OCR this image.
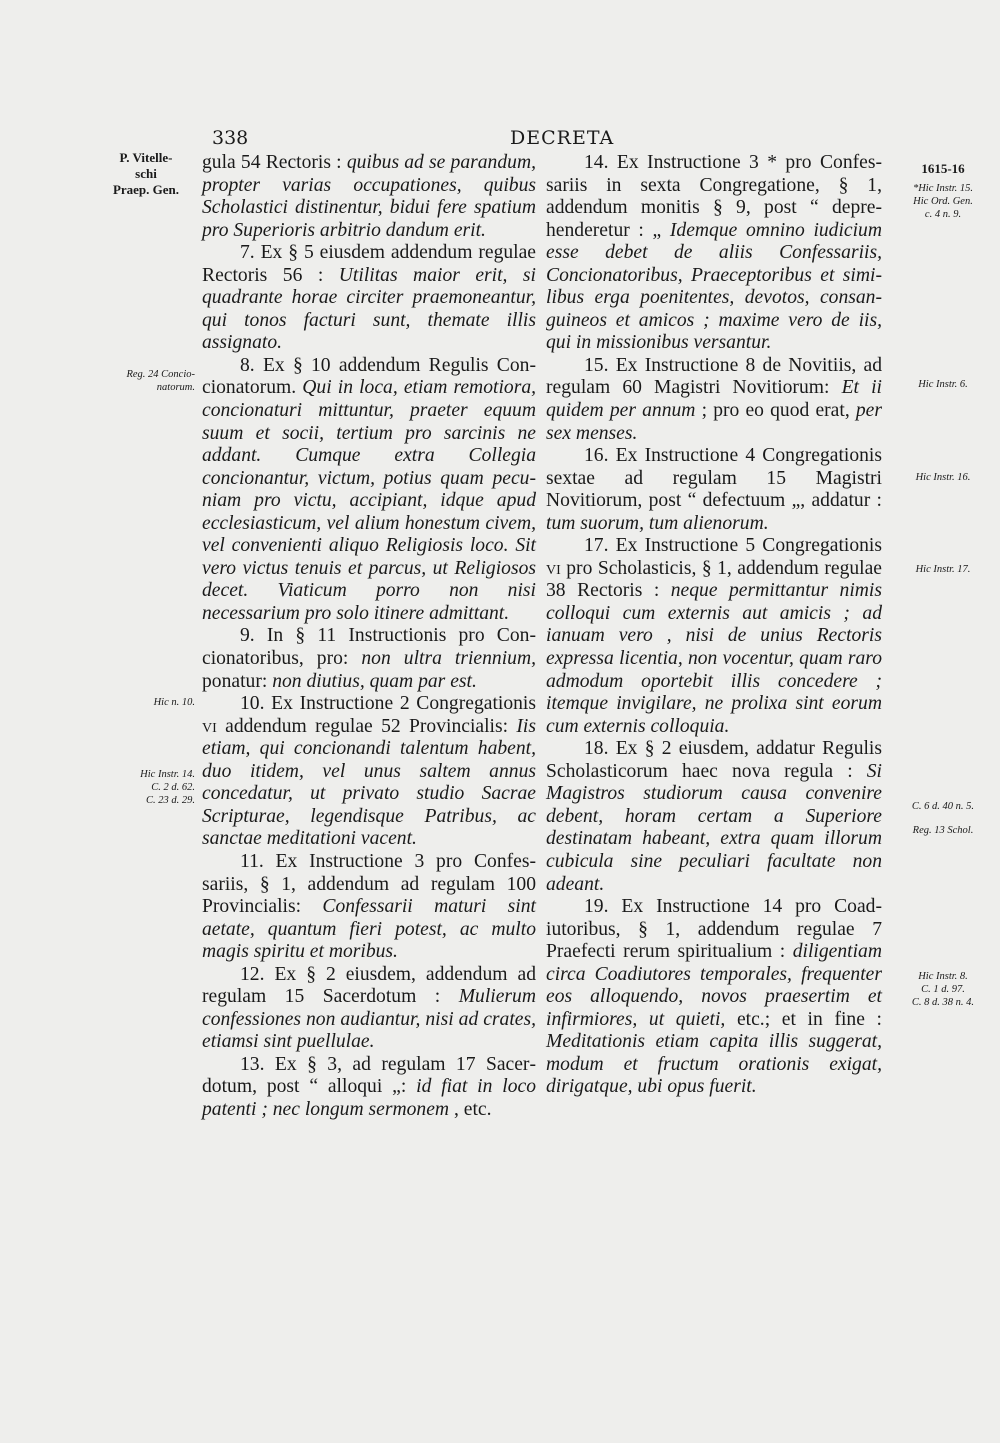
338	DECRETA
P. Vitelle-
schi
Praep. Gen.
Reg. 24 Concio-
natorum.
Hic n. 10.
Hic Instr. 14.
C. 2 d. 62.
C. 23 d. 29.
1615-16
*Hic Instr. 15.
Hic Ord. Gen.
c. 4 n. 9.
Hic Instr. 6.
Hic Instr. 16.
Hic Instr. 17.
C. 6 d. 40 n. 5.
Reg. 13 Schol.
Hic Instr. 8.
C. 1 d. 97.
C. 8 d. 38 n. 4.

gula 54 Rectoris : quibus ad se parandum, propter varias occupationes, quibus Scholastici distinentur, bidui fere spatium pro Superioris arbitrio dandum erit.

7. Ex § 5 eiusdem addendum regulae Rectoris 56 : Utilitas maior erit, si quadrante horae circiter praemoneantur, qui tonos facturi sunt, themate illis assignato.

8. Ex § 10 addendum Regulis Concionatorum. Qui in loca, etiam remotiora, concionaturi mittuntur, praeter equum suum et socii, tertium pro sarcinis ne addant. Cumque extra Collegia concionantur, victum, potius quam pecuniam pro victu, accipiant, idque apud ecclesiasticum, vel alium honestum civem, vel convenienti aliquo Religiosis loco. Sit vero victus tenuis et parcus, ut Religiosos decet. Viaticum porro non nisi necessarium pro solo itinere admittant.

9. In § 11 Instructionis pro Concionatoribus, pro: non ultra triennium, ponatur: non diutius, quam par est.

10. Ex Instructione 2 Congregationis vi addendum regulae 52 Provincialis: Iis etiam, qui concionandi talentum habent, duo itidem, vel unus saltem annus concedatur, ut privato studio Sacrae Scripturae, legendisque Patribus, ac sanctae meditationi vacent.

11. Ex Instructione 3 pro Confessariis, § 1, addendum ad regulam 100 Provincialis: Confessarii maturi sint aetate, quantum fieri potest, ac multo magis spiritu et moribus.

12. Ex § 2 eiusdem, addendum ad regulam 15 Sacerdotum : Mulierum confessiones non audiantur, nisi ad crates, etiamsi sint puellulae.

13. Ex § 3, ad regulam 17 Sacerdotum, post “ alloqui „: id fiat in loco patenti ; nec longum sermonem , etc.

14. Ex Instructione 3 * pro Confessariis in sexta Congregatione, § 1, addendum monitis § 9, post “ deprehenderetur : „ Idemque omnino iudicium esse debet de aliis Confessariis, Concionatoribus, Praeceptoribus et similibus erga poenitentes, devotos, consanguineos et amicos ; maxime vero de iis, qui in missionibus versantur.

15. Ex Instructione 8 de Novitiis, ad regulam 60 Magistri Novitiorum: Et ii quidem per annum ; pro eo quod erat, per sex menses.

16. Ex Instructione 4 Congregationis sextae ad regulam 15 Magistri Novitiorum, post “ defectuum „, addatur : tum suorum, tum alienorum.

17. Ex Instructione 5 Congregationis vi pro Scholasticis, § 1, addendum regulae 38 Rectoris : neque permittantur nimis colloqui cum externis aut amicis ; ad ianuam vero , nisi de unius Rectoris expressa licentia, non vocentur, quam raro admodum oportebit illis concedere ; itemque invigilare, ne prolixa sint eorum cum externis colloquia.

18. Ex § 2 eiusdem, addatur Regulis Scholasticorum haec nova regula : Si Magistros studiorum causa convenire debent, horam certam a Superiore destinatam habeant, extra quam illorum cubicula sine peculiari facultate non adeant.

19. Ex Instructione 14 pro Coadiutoribus, § 1, addendum regulae 7 Praefecti rerum spiritualium : diligentiam circa Coadiutores temporales, frequenter eos alloquendo, novos praesertim et infirmiores, ut quieti, etc.; et in fine : Meditationis etiam capita illis suggerat, modum et fructum orationis exigat, dirigatque, ubi opus fuerit.
